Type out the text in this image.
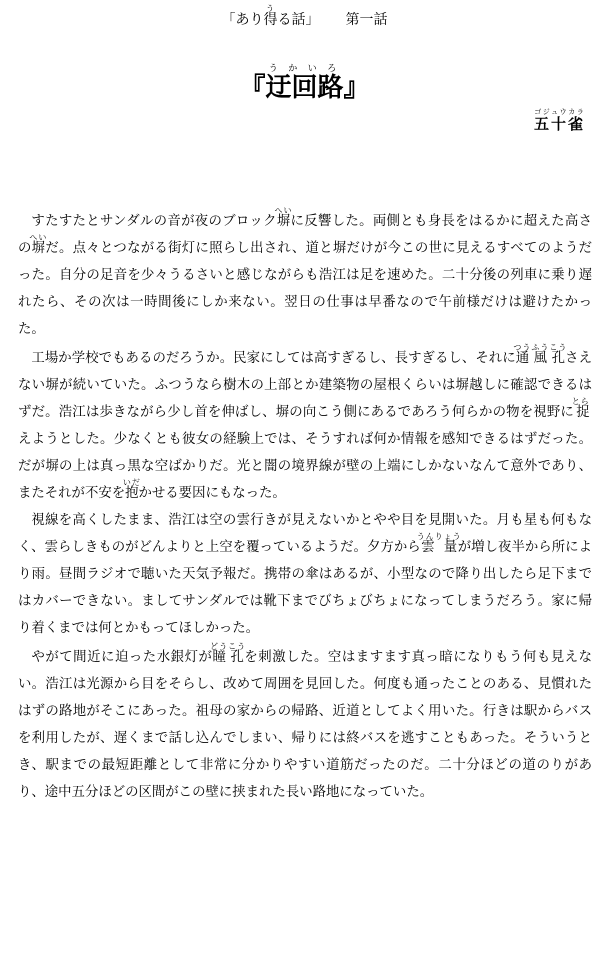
「あり得うる話」 第一話
『迂回路うかいろ』
五十雀ゴジュウカラ

すたすたとサンダルの音が夜のブロック塀へいに反響した。両側とも身長をはるかに超えた高さの塀へいだ。点々とつながる街灯に照らし出され、道と塀だけが今この世に見えるすべてのようだった。自分の足音を少々うるさいと感じながらも浩江は足を速めた。二十分後の列車に乗り遅れたら、その次は一時間後にしか来ない。翌日の仕事は早番なので午前様だけは避けたかった。

工場か学校でもあるのだろうか。民家にしては高すぎるし、長すぎるし、それに通風孔つうふうこうさえない塀が続いていた。ふつうなら樹木の上部とか建築物の屋根くらいは塀越しに確認できるはずだ。浩江は歩きながら少し首を伸ばし、塀の向こう側にあるであろう何らかの物を視野に捉とらえようとした。少なくとも彼女の経験上では、そうすれば何か情報を感知できるはずだった。だが塀の上は真っ黒な空ばかりだ。光と闇の境界線が壁の上端にしかないなんて意外であり、またそれが不安を抱いだかせる要因にもなった。

視線を高くしたまま、浩江は空の雲行きが見えないかとやや目を見開いた。月も星も何もなく、雲らしきものがどんよりと上空を覆っているようだ。夕方から雲量うんりょうが増し夜半から所により雨。昼間ラジオで聴いた天気予報だ。携帯の傘はあるが、小型なので降り出したら足下まではカバーできない。ましてサンダルでは靴下までびちょびちょになってしまうだろう。家に帰り着くまでは何とかもってほしかった。

やがて間近に迫った水銀灯が瞳孔どうこうを刺激した。空はますます真っ暗になりもう何も見えない。浩江は光源から目をそらし、改めて周囲を見回した。何度も通ったことのある、見慣れたはずの路地がそこにあった。祖母の家からの帰路、近道としてよく用いた。行きは駅からバスを利用したが、遅くまで話し込んでしまい、帰りには終バスを逃すこともあった。そういうとき、駅までの最短距離として非常に分かりやすい道筋だったのだ。二十分ほどの道のりがあり、途中五分ほどの区間がこの壁に挟まれた長い路地になっていた。
